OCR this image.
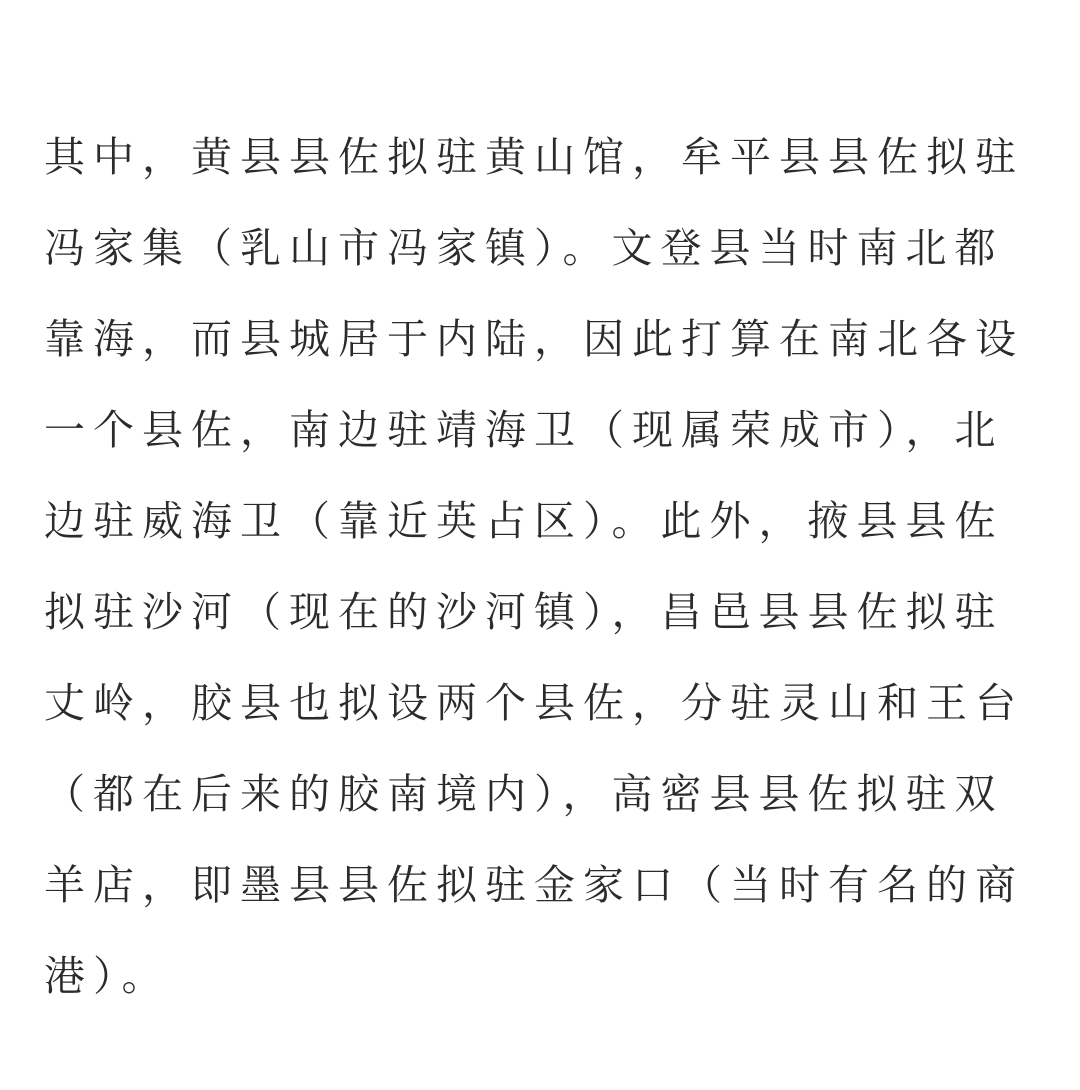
其中，黄县县佐拟驻黄山馆，牟平县县佐拟驻
冯家集（乳山市冯家镇）。文登县当时南北都
靠海，而县城居于内陆，因此打算在南北各设
一个县佐，南边驻靖海卫（现属荣成市），北
边驻威海卫（靠近英占区）。此外，掖县县佐
拟驻沙河（现在的沙河镇），昌邑县县佐拟驻
丈岭，胶县也拟设两个县佐，分驻灵山和王台
（都在后来的胶南境内），高密县县佐拟驻双
羊店，即墨县县佐拟驻金家口（当时有名的商
港）。
